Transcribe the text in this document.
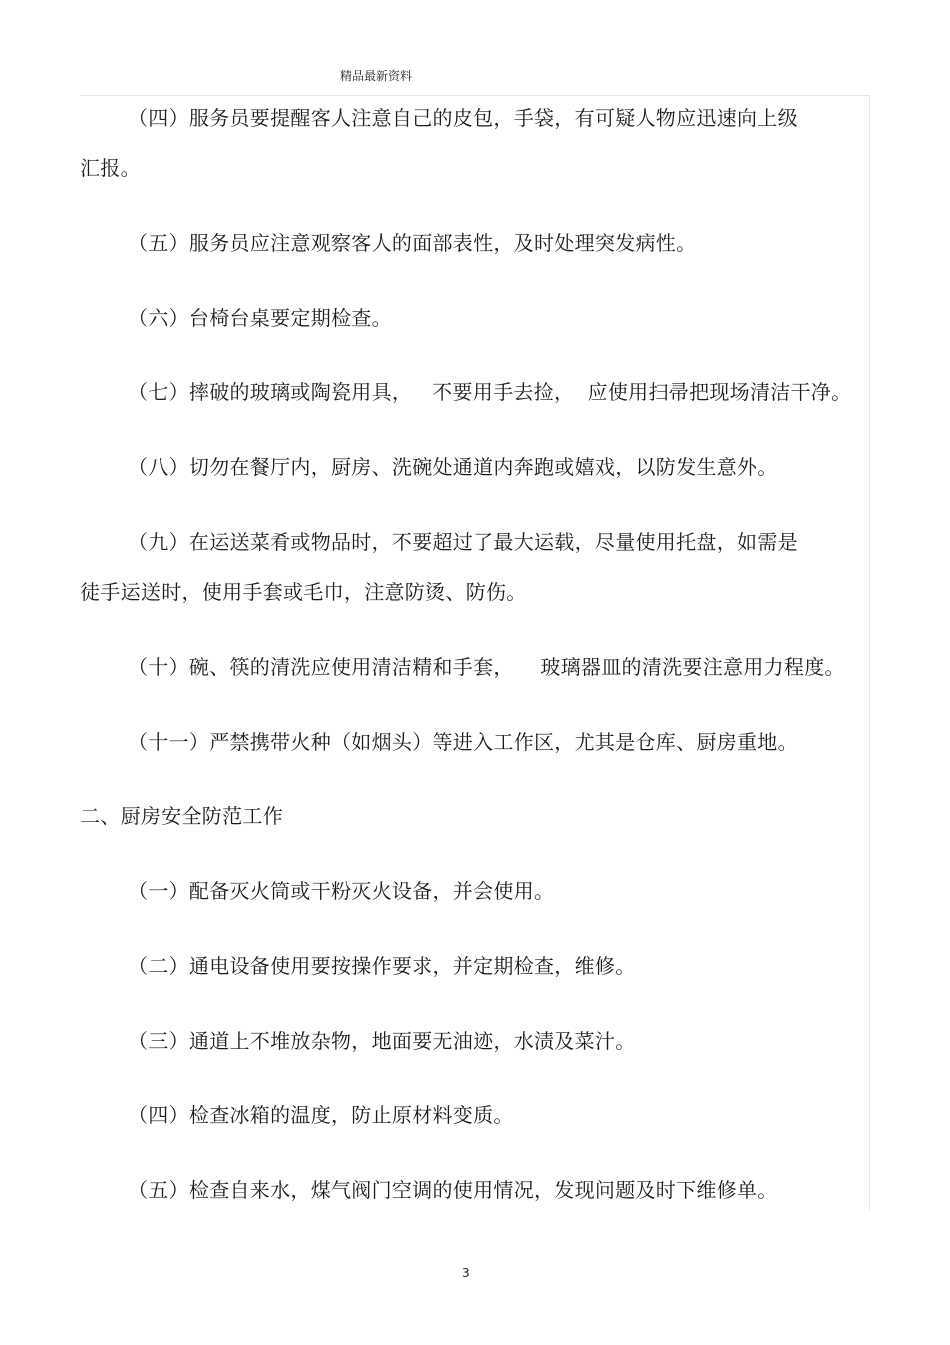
精品最新资料
（四）服务员要提醒客人注意自己的皮包，手袋，有可疑人物应迅速向上级
汇报。
（五）服务员应注意观察客人的面部表性，及时处理突发病性。
（六）台椅台桌要定期检查。
（七）摔破的玻璃或陶瓷用具，   不要用手去捡，  应使用扫帚把现场清洁干净。
（八）切勿在餐厅内，厨房、洗碗处通道内奔跑或嬉戏，以防发生意外。
（九）在运送菜肴或物品时，不要超过了最大运载，尽量使用托盘，如需是
徒手运送时，使用手套或毛巾，注意防烫、防伤。
（十）碗、筷的清洗应使用清洁精和手套，    玻璃器皿的清洗要注意用力程度。
（十一）严禁携带火种（如烟头）等进入工作区，尤其是仓库、厨房重地。
二、厨房安全防范工作
（一）配备灭火筒或干粉灭火设备，并会使用。
（二）通电设备使用要按操作要求，并定期检查，维修。
（三）通道上不堆放杂物，地面要无油迹，水渍及菜汁。
（四）检查冰箱的温度，防止原材料变质。
（五）检查自来水，煤气阀门空调的使用情况，发现问题及时下维修单。
3
